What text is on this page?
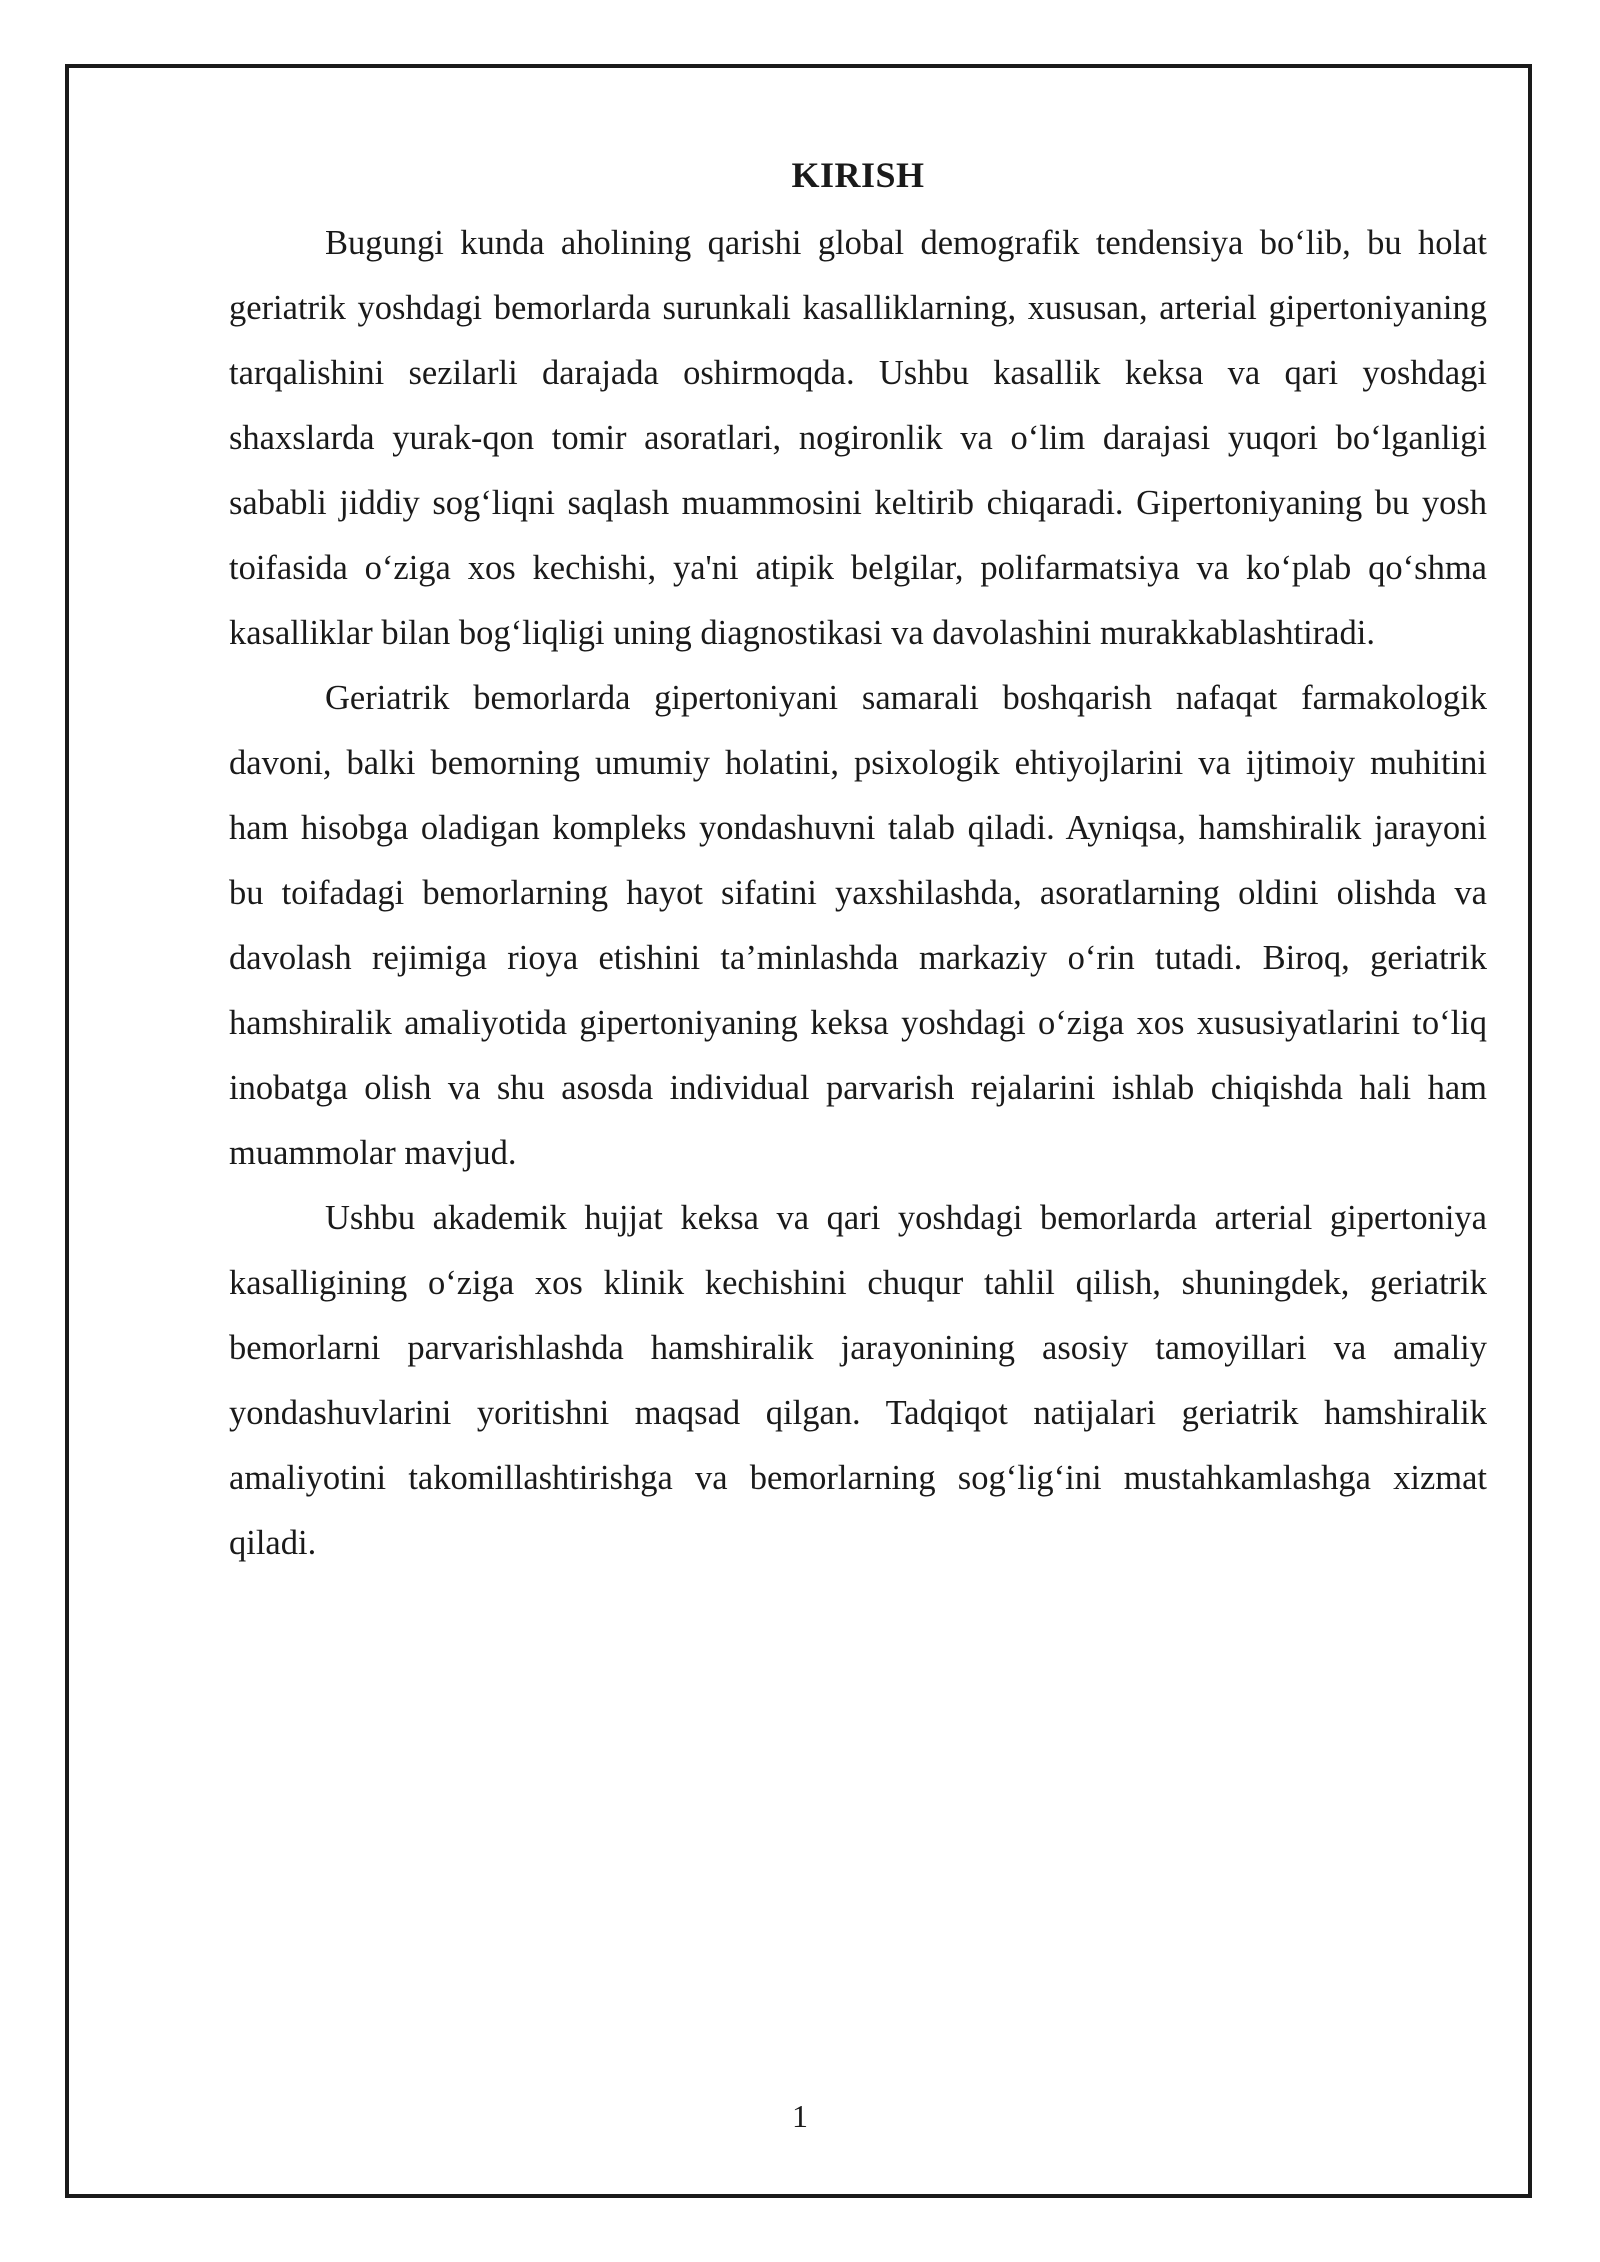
KIRISH

Bugungi kunda aholining qarishi global demografik tendensiya bo‘lib, bu holat geriatrik yoshdagi bemorlarda surunkali kasalliklarning, xususan, arterial gipertoniyaning tarqalishini sezilarli darajada oshirmoqda. Ushbu kasallik keksa va qari yoshdagi shaxslarda yurak-qon tomir asoratlari, nogironlik va o‘lim darajasi yuqori bo‘lganligi sababli jiddiy sog‘liqni saqlash muammosini keltirib chiqaradi. Gipertoniyaning bu yosh toifasida o‘ziga xos kechishi, ya'ni atipik belgilar, polifarmatsiya va ko‘plab qo‘shma kasalliklar bilan bog‘liqligi uning diagnostikasi va davolashini murakkablashtiradi.

Geriatrik bemorlarda gipertoniyani samarali boshqarish nafaqat farmakologik davoni, balki bemorning umumiy holatini, psixologik ehtiyojlarini va ijtimoiy muhitini ham hisobga oladigan kompleks yondashuvni talab qiladi. Ayniqsa, hamshiralik jarayoni bu toifadagi bemorlarning hayot sifatini yaxshilashda, asoratlarning oldini olishda va davolash rejimiga rioya etishini ta’minlashda markaziy o‘rin tutadi. Biroq, geriatrik hamshiralik amaliyotida gipertoniyaning keksa yoshdagi o‘ziga xos xususiyatlarini to‘liq inobatga olish va shu asosda individual parvarish rejalarini ishlab chiqishda hali ham muammolar mavjud.

Ushbu akademik hujjat keksa va qari yoshdagi bemorlarda arterial gipertoniya kasalligining o‘ziga xos klinik kechishini chuqur tahlil qilish, shuningdek, geriatrik bemorlarni parvarishlashda hamshiralik jarayonining asosiy tamoyillari va amaliy yondashuvlarini yoritishni maqsad qilgan. Tadqiqot natijalari geriatrik hamshiralik amaliyotini takomillashtirishga va bemorlarning sog‘lig‘ini mustahkamlashga xizmat qiladi.

1
